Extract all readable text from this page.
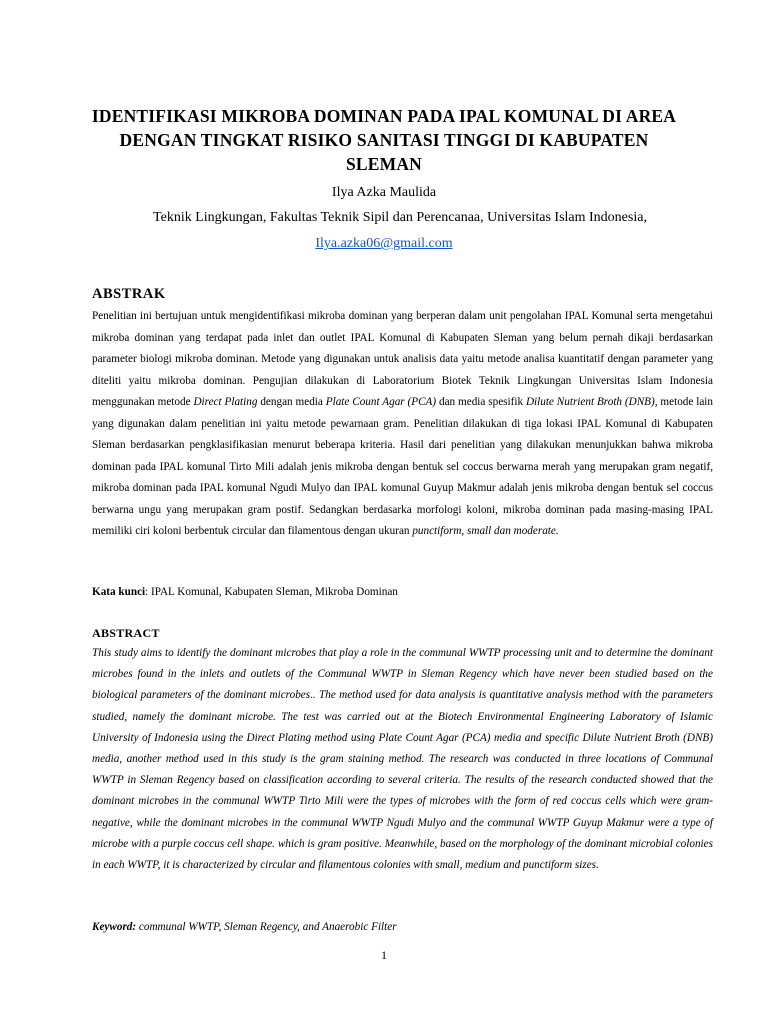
IDENTIFIKASI MIKROBA DOMINAN PADA IPAL KOMUNAL DI AREA DENGAN TINGKAT RISIKO SANITASI TINGGI DI KABUPATEN SLEMAN
Ilya Azka Maulida
Teknik Lingkungan, Fakultas Teknik Sipil dan Perencanaa, Universitas Islam Indonesia,
Ilya.azka06@gmail.com
ABSTRAK
Penelitian ini bertujuan untuk mengidentifikasi mikroba dominan yang berperan dalam unit pengolahan IPAL Komunal serta mengetahui mikroba dominan yang terdapat pada inlet dan outlet IPAL Komunal di Kabupaten Sleman yang belum pernah dikaji berdasarkan parameter biologi mikroba dominan. Metode yang digunakan untuk analisis data yaitu metode analisa kuantitatif dengan parameter yang diteliti yaitu mikroba dominan. Pengujian dilakukan di Laboratorium Biotek Teknik Lingkungan Universitas Islam Indonesia menggunakan metode Direct Plating dengan media Plate Count Agar (PCA) dan media spesifik Dilute Nutrient Broth (DNB), metode lain yang digunakan dalam penelitian ini yaitu metode pewarnaan gram. Penelitian dilakukan di tiga lokasi IPAL Komunal di Kabupaten Sleman berdasarkan pengklasifikasian menurut beberapa kriteria. Hasil dari penelitian yang dilakukan menunjukkan bahwa mikroba dominan pada IPAL komunal Tirto Mili adalah jenis mikroba dengan bentuk sel coccus berwarna merah yang merupakan gram negatif, mikroba dominan pada IPAL komunal Ngudi Mulyo dan IPAL komunal Guyup Makmur adalah jenis mikroba dengan bentuk sel coccus berwarna ungu yang merupakan gram postif. Sedangkan berdasarka morfologi koloni, mikroba dominan pada masing-masing IPAL memiliki ciri koloni berbentuk circular dan filamentous dengan ukuran punctiform, small dan moderate.
Kata kunci: IPAL Komunal, Kabupaten Sleman, Mikroba Dominan
ABSTRACT
This study aims to identify the dominant microbes that play a role in the communal WWTP processing unit and to determine the dominant microbes found in the inlets and outlets of the Communal WWTP in Sleman Regency which have never been studied based on the biological parameters of the dominant microbes.. The method used for data analysis is quantitative analysis method with the parameters studied, namely the dominant microbe. The test was carried out at the Biotech Environmental Engineering Laboratory of Islamic University of Indonesia using the Direct Plating method using Plate Count Agar (PCA) media and specific Dilute Nutrient Broth (DNB) media, another method used in this study is the gram staining method. The research was conducted in three locations of Communal WWTP in Sleman Regency based on classification according to several criteria. The results of the research conducted showed that the dominant microbes in the communal WWTP Tirto Mili were the types of microbes with the form of red coccus cells which were gram-negative, while the dominant microbes in the communal WWTP Ngudi Mulyo and the communal WWTP Guyup Makmur were a type of microbe with a purple coccus cell shape. which is gram positive. Meanwhile, based on the morphology of the dominant microbial colonies in each WWTP, it is characterized by circular and filamentous colonies with small, medium and punctiform sizes.
Keyword: communal WWTP, Sleman Regency, and Anaerobic Filter
1
